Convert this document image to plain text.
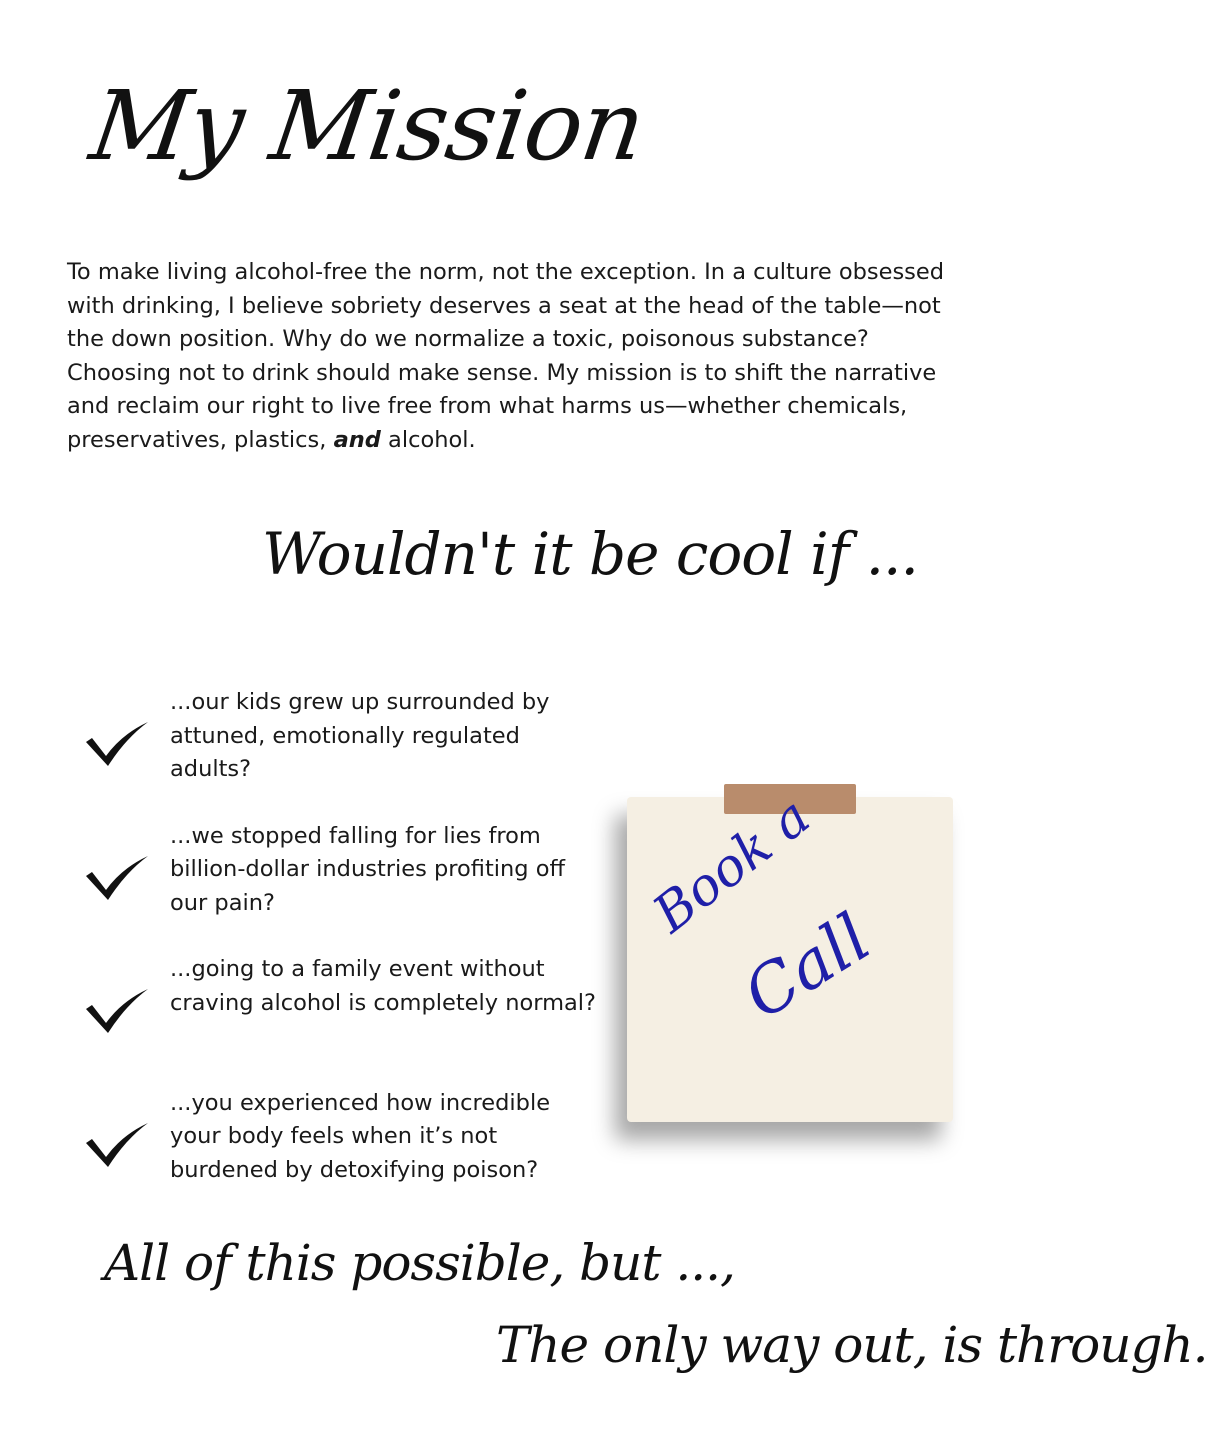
My Mission

To make living alcohol-free the norm, not the exception. In a culture obsessed with drinking, I believe sobriety deserves a seat at the head of the table—not the down position. Why do we normalize a toxic, poisonous substance? Choosing not to drink should make sense. My mission is to shift the narrative and reclaim our right to live free from what harms us—whether chemicals, preservatives, plastics, and alcohol.

Wouldn't it be cool if ...
...our kids grew up surrounded by attuned, emotionally regulated adults?
...we stopped falling for lies from billion-dollar industries profiting off our pain?
...going to a family event without craving alcohol is completely normal?
...you experienced how incredible your body feels when it’s not burdened by detoxifying poison?
Book a
Call
All of this possible, but ...,
The only way out, is through.
